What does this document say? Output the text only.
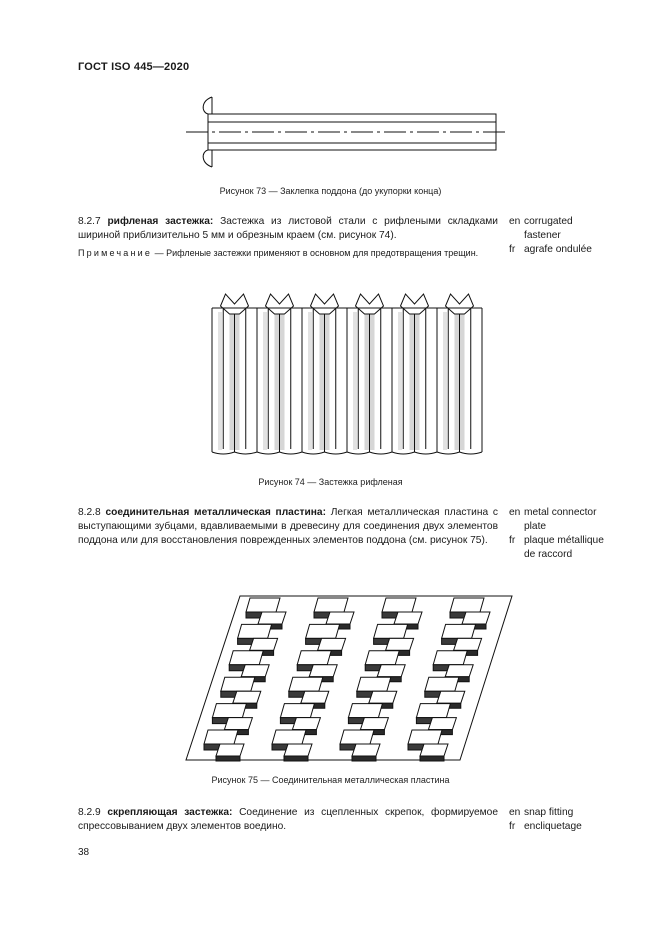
ГОСТ ISO 445—2020
Рисунок 73 — Заклепка поддона (до укупорки конца)
8.2.7 рифленая застежка: Застежка из листовой стали с рифлеными складками шириной приблизительно 5 мм и обрезным краем (см. рисунок 74).
Примечание — Рифленые застежки применяют в основном для предотвращения трещин.
en corrugated
fastener
fr agrafe ondulée
Рисунок 74 — Застежка рифленая
8.2.8 соединительная металлическая пластина: Легкая металлическая пластина с выступающими зубцами, вдавливаемыми в древесину для соединения двух элементов поддона или для восстановления поврежденных элементов поддона (см. рисунок 75).
en metal connector
plate
fr plaque métallique
de raccord
Рисунок 75 — Соединительная металлическая пластина
8.2.9 скрепляющая застежка: Соединение из сцепленных скрепок, формируемое спрессовыванием двух элементов воедино.
en snap fitting
fr encliquetage
38
